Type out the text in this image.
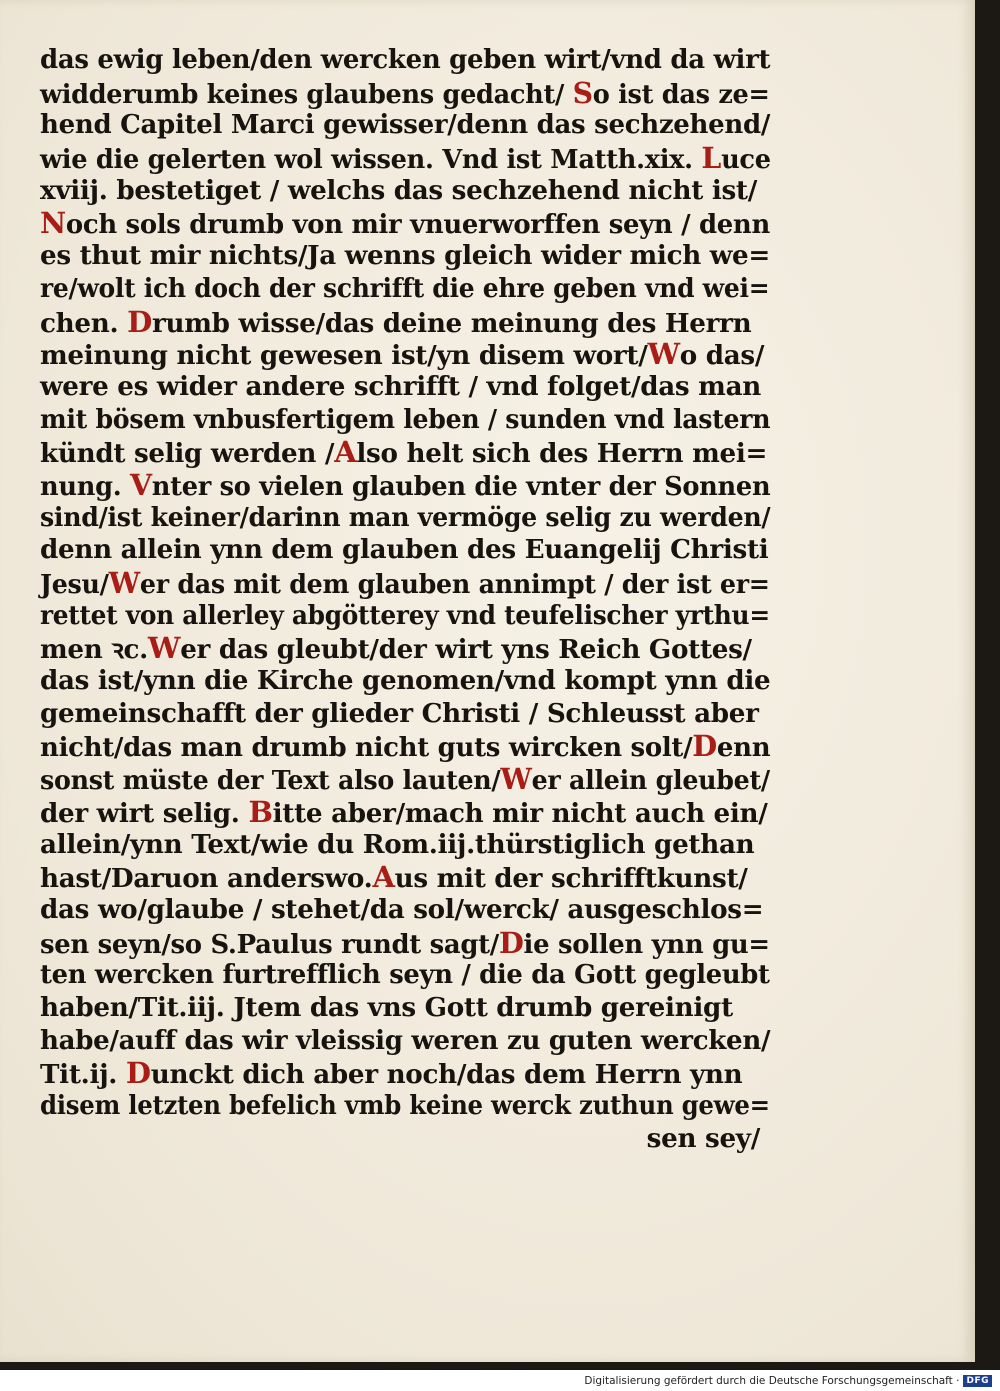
das ewig leben/den wercken geben wirt/vnd da wirt
widderumb keines glaubens gedacht/ So ist das ze=
hend Capitel Marci gewisser/denn das sechzehend/
wie die gelerten wol wissen. Vnd ist Matth.xix. Luce
xviij. bestetiget / welchs das sechzehend nicht ist/
Noch sols drumb von mir vnuerworffen seyn / denn
es thut mir nichts/Ja wenns gleich wider mich we=
re/wolt ich doch der schrifft die ehre geben vnd wei=
chen. Drumb wisse/das deine meinung des Herrn
meinung nicht gewesen ist/yn disem wort/Wo das/
were es wider andere schrifft / vnd folget/das man
mit bösem vnbusfertigem leben / sunden vnd lastern
kündt selig werden /Also helt sich des Herrn mei=
nung. Vnter so vielen glauben die vnter der Sonnen
sind/ist keiner/darinn man vermöge selig zu werden/
denn allein ynn dem glauben des Euangelij Christi
Jesu/Wer das mit dem glauben annimpt / der ist er=
rettet von allerley abgötterey vnd teufelischer yrthu=
men ꝛc.Wer das gleubt/der wirt yns Reich Gottes/
das ist/ynn die Kirche genomen/vnd kompt ynn die
gemeinschafft der glieder Christi / Schleusst aber
nicht/das man drumb nicht guts wircken solt/Denn
sonst müste der Text also lauten/Wer allein gleubet/
der wirt selig. Bitte aber/mach mir nicht auch ein/
allein/ynn Text/wie du Rom.iij.thürstiglich gethan
hast/Daruon anderswo.Aus mit der schrifftkunst/
das wo/glaube / stehet/da sol/werck/ ausgeschlos=
sen seyn/so S.Paulus rundt sagt/Die sollen ynn gu=
ten wercken furtrefflich seyn / die da Gott gegleubt
haben/Tit.iij. Jtem das vns Gott drumb gereinigt
habe/auff das wir vleissig weren zu guten wercken/
Tit.ij. Dunckt dich aber noch/das dem Herrn ynn
disem letzten befelich vmb keine werck zuthun gewe=
sen sey/
Digitalisierung gefördert durch die Deutsche Forschungsgemeinschaft · DFG
